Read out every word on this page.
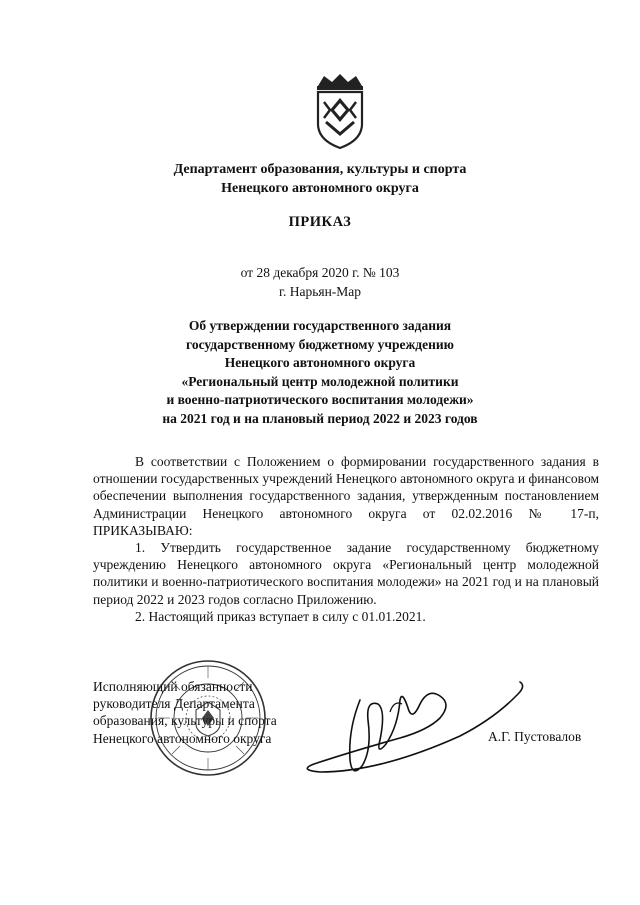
Департамент образования, культуры и спорта
Ненецкого автономного округа
ПРИКАЗ
от 28 декабря 2020 г. № 103
г. Нарьян-Мар
Об утверждении государственного задания
государственному бюджетному учреждению
Ненецкого автономного округа
«Региональный центр молодежной политики
и военно-патриотического воспитания молодежи»
на 2021 год и на плановый период 2022 и 2023 годов

В соответствии с Положением о формировании государственного задания в отношении государственных учреждений Ненецкого автономного округа и финансовом обеспечении выполнения государственного задания, утвержденным постановлением Администрации Ненецкого автономного округа от 02.02.2016 № 17-п, ПРИКАЗЫВАЮ:

1. Утвердить государственное задание государственному бюджетному учреждению Ненецкого автономного округа «Региональный центр молодежной политики и военно-патриотического воспитания молодежи» на 2021 год и на плановый период 2022 и 2023 годов согласно Приложению.

2. Настоящий приказ вступает в силу с 01.01.2021.

Исполняющий обязанности
руководителя Департамента
образования, культуры и спорта
Ненецкого автономного округа	А.Г. Пустовалов
